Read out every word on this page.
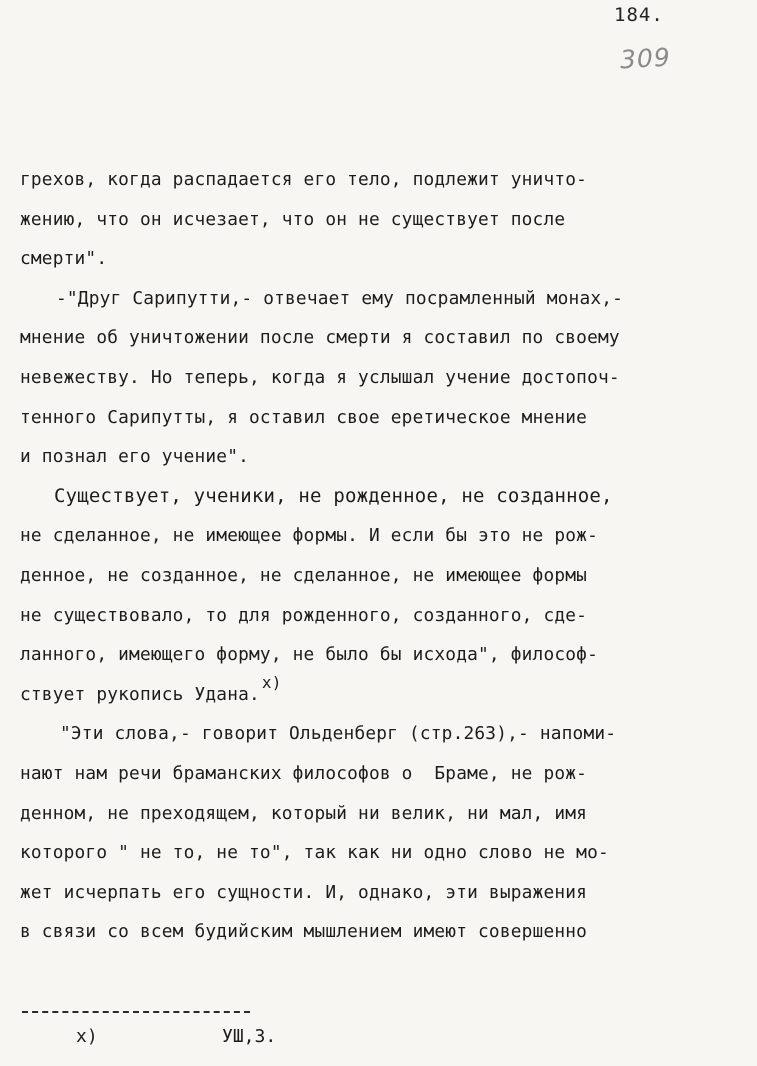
184.
309
грехов, когда распадается его тело, подлежит уничто-
жению, что он исчезает, что он не существует после
смерти".
-"Друг Сарипутти,- отвечает ему посрамленный монах,-
мнение об уничтожении после смерти я составил по своему
невежеству. Но теперь, когда я услышал учение достопоч-
тенного Сарипутты, я оставил свое еретическое мнение
и познал его учение".
Существует, ученики, не рожденное, не созданное,
не сделанное, не имеющее формы. И если бы это не рож-
денное, не созданное, не сделанное, не имеющее формы
не существовало, то для рожденного, созданного, сде-
ланного, имеющего форму, не было бы исхода", философ-
ствует рукопись Удана.x)
"Эти слова,- говорит Ольденберг (стр.263),- напоми-
нают нам речи браманских философов о  Браме, не рож-
денном, не преходящем, который ни велик, ни мал, имя
которого " не то, не то", так как ни одно слово не мо-
жет исчерпать его сущности. И, однако, эти выражения
в связи со всем будийским мышлением имеют совершенно
x)	УШ,3.
